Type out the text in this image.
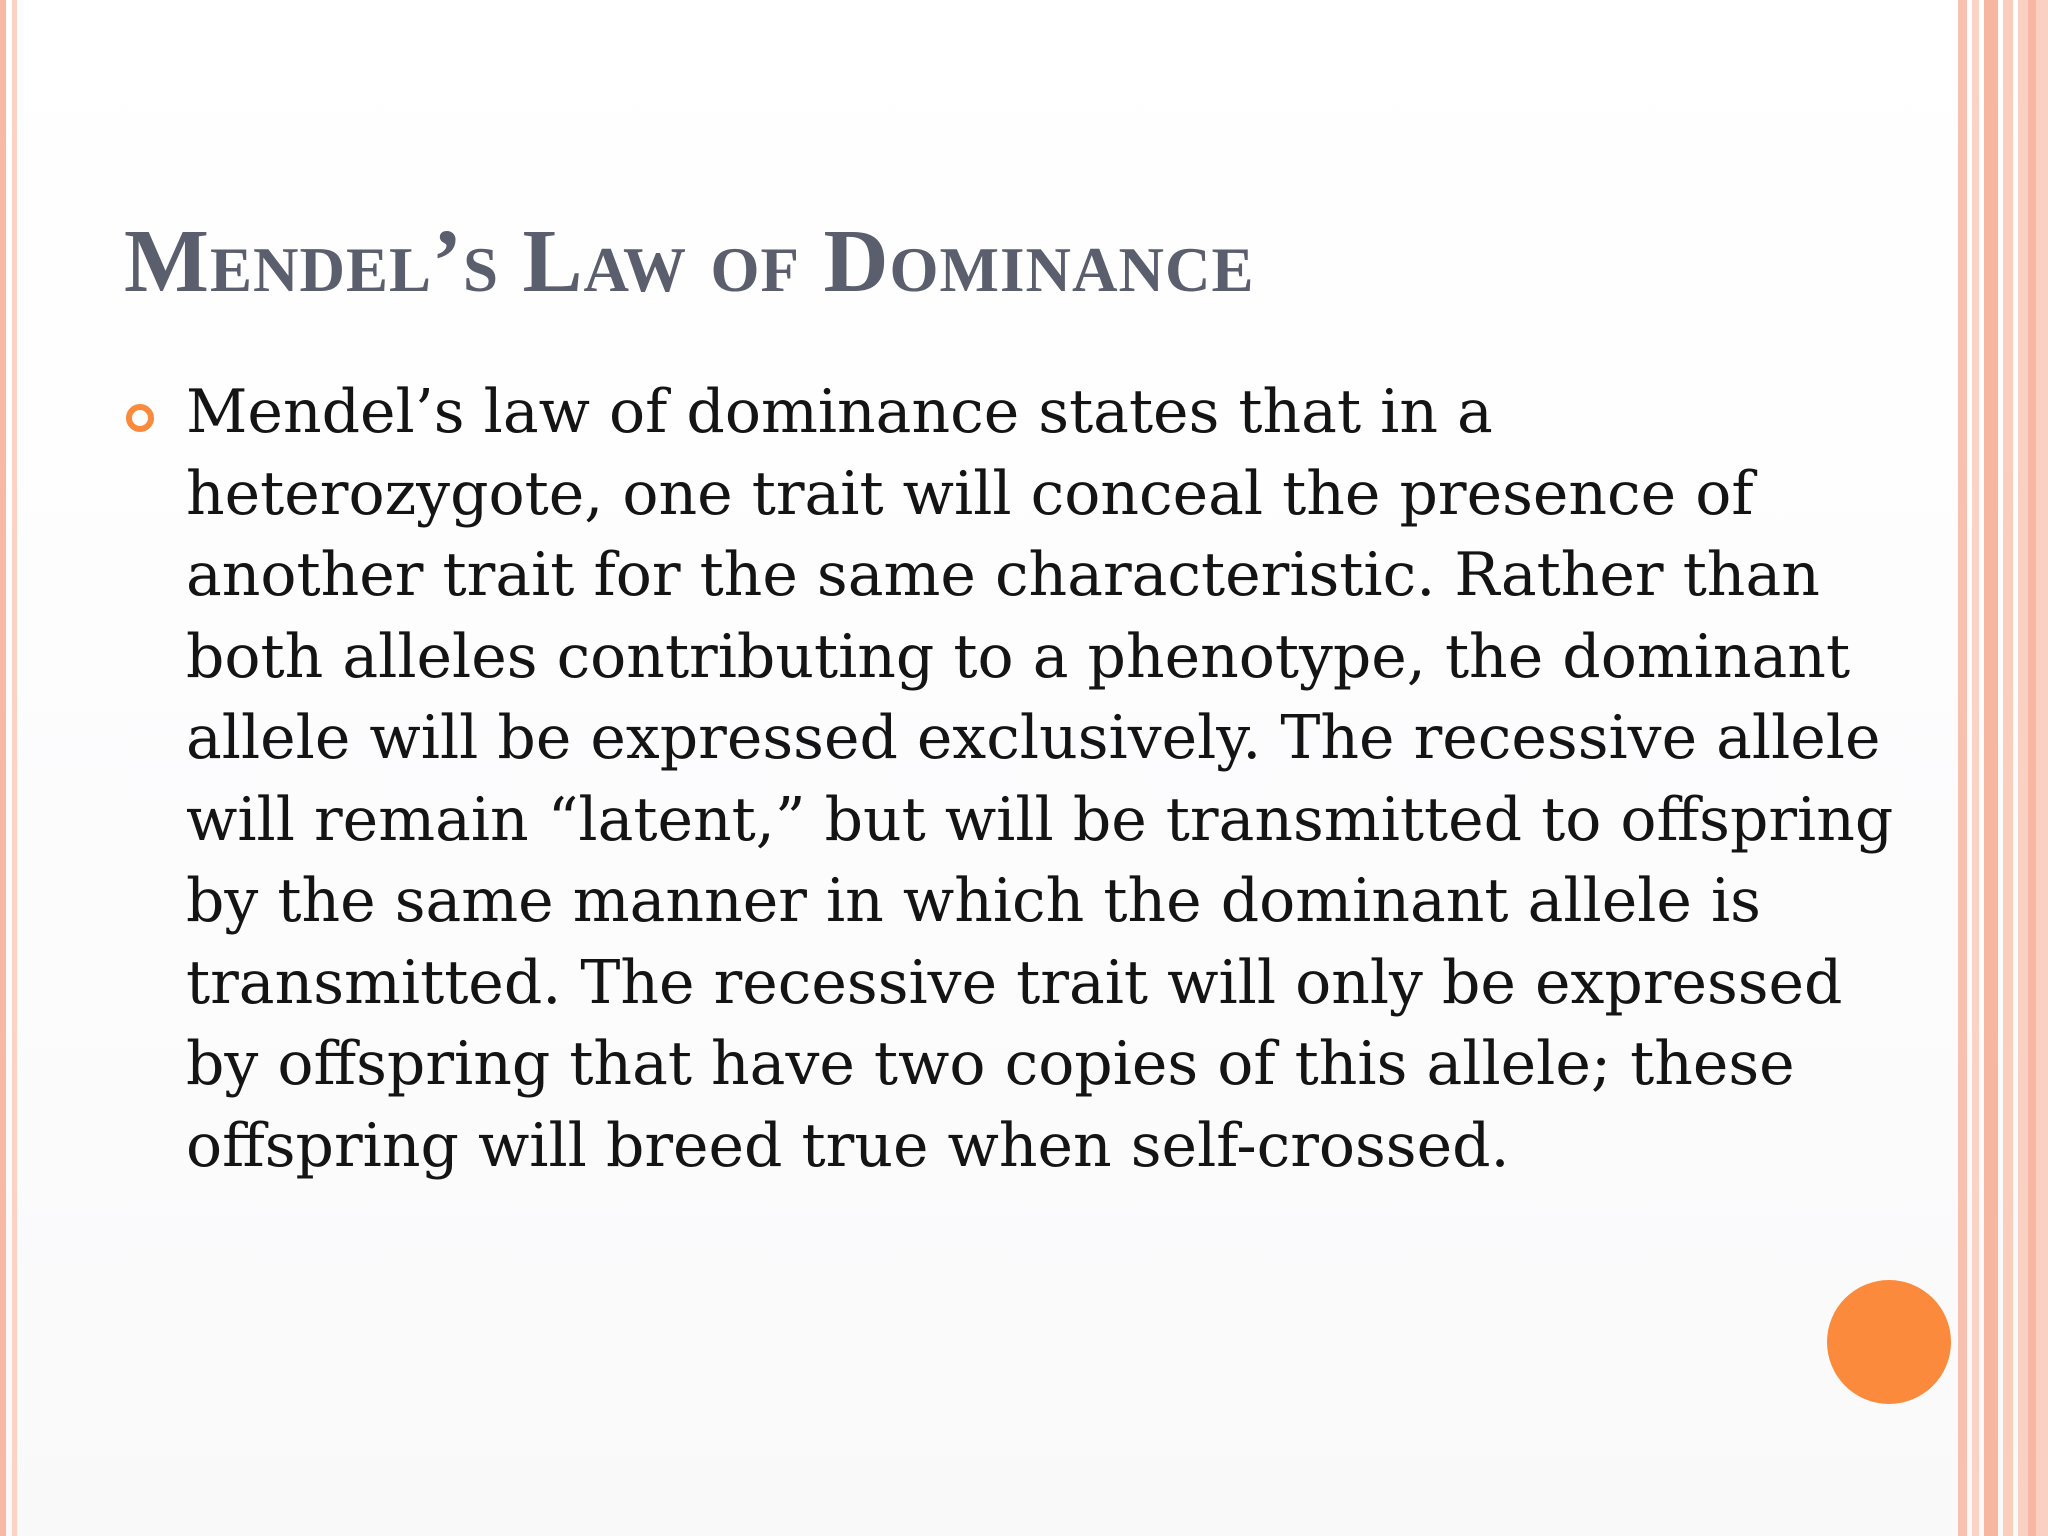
Mendel’s Law of Dominance
Mendel’s law of dominance states that in a heterozygote, one trait will conceal the presence of another trait for the same characteristic. Rather than both alleles contributing to a phenotype, the dominant allele will be expressed exclusively. The recessive allele will remain “latent,” but will be transmitted to offspring by the same manner in which the dominant allele is transmitted. The recessive trait will only be expressed by offspring that have two copies of this allele; these offspring will breed true when self-crossed.
